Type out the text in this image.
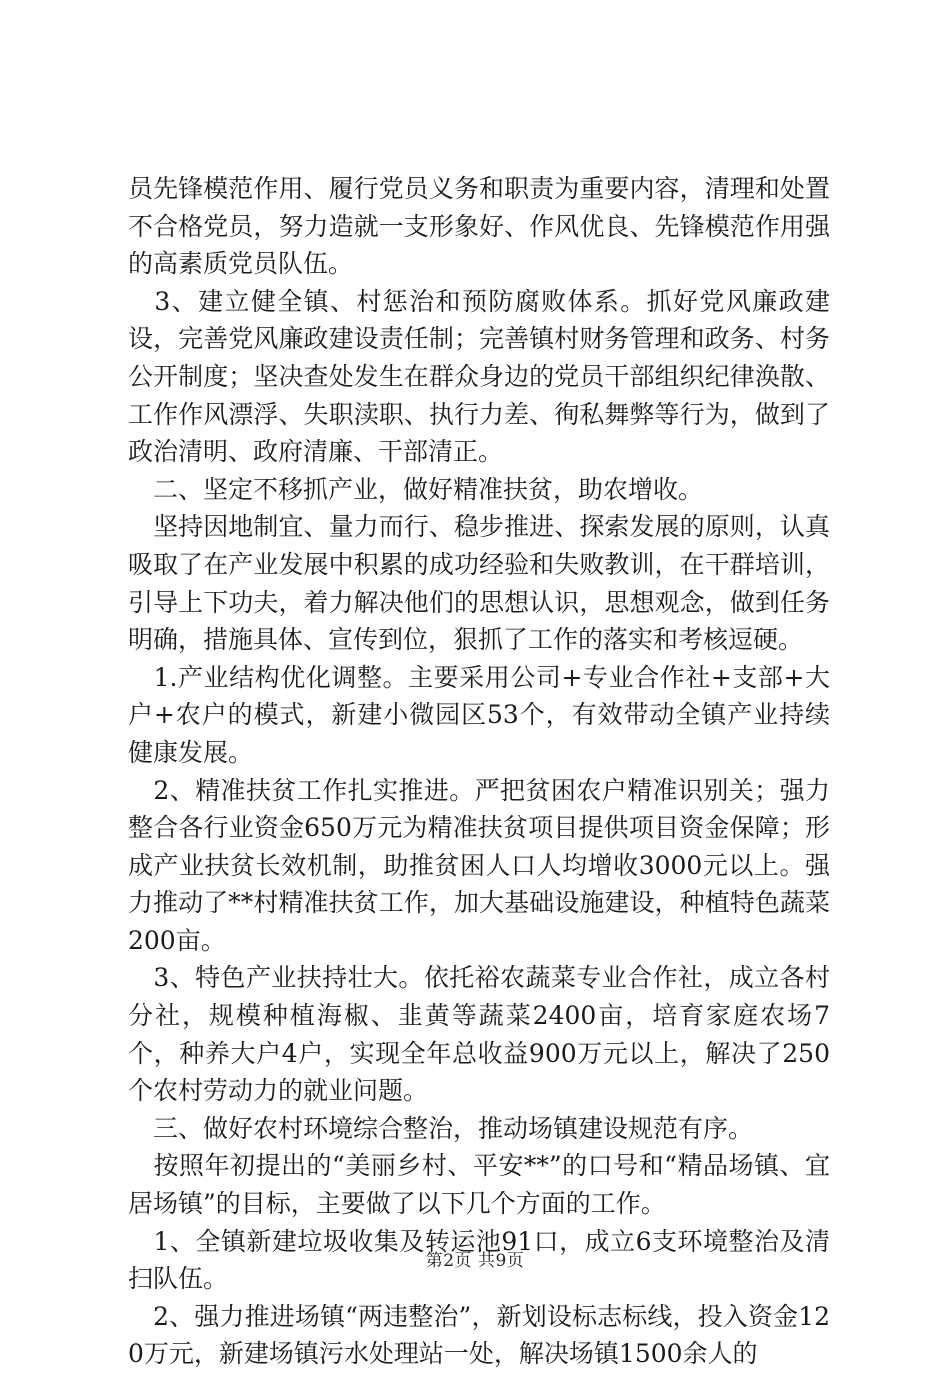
员先锋模范作用、履行党员义务和职责为重要内容，清理和处置不合格党员，努力造就一支形象好、作风优良、先锋模范作用强的高素质党员队伍。

　3、建立健全镇、村惩治和预防腐败体系。抓好党风廉政建设，完善党风廉政建设责任制；完善镇村财务管理和政务、村务公开制度；坚决查处发生在群众身边的党员干部组织纪律涣散、工作作风漂浮、失职渎职、执行力差、徇私舞弊等行为，做到了政治清明、政府清廉、干部清正。

　二、坚定不移抓产业，做好精准扶贫，助农增收。

　坚持因地制宜、量力而行、稳步推进、探索发展的原则，认真吸取了在产业发展中积累的成功经验和失败教训，在干群培训，引导上下功夫，着力解决他们的思想认识，思想观念，做到任务明确，措施具体、宣传到位，狠抓了工作的落实和考核逗硬。

　1.产业结构优化调整。主要采用公司+专业合作社+支部+大户+农户的模式，新建小微园区53个，有效带动全镇产业持续健康发展。

　2、精准扶贫工作扎实推进。严把贫困农户精准识别关；强力整合各行业资金650万元为精准扶贫项目提供项目资金保障；形成产业扶贫长效机制，助推贫困人口人均增收3000元以上。强力推动了**村精准扶贫工作，加大基础设施建设，种植特色蔬菜200亩。

　3、特色产业扶持壮大。依托裕农蔬菜专业合作社，成立各村分社，规模种植海椒、韭黄等蔬菜2400亩，培育家庭农场7个，种养大户4户，实现全年总收益900万元以上，解决了250个农村劳动力的就业问题。

　三、做好农村环境综合整治，推动场镇建设规范有序。

　按照年初提出的“美丽乡村、平安**”的口号和“精品场镇、宜居场镇”的目标，主要做了以下几个方面的工作。

　1、全镇新建垃圾收集及转运池91口，成立6支环境整治及清扫队伍。

　2、强力推进场镇“两违整治”，新划设标志标线，投入资金120万元，新建场镇污水处理站一处，解决场镇1500余人的

第2页 共9页
